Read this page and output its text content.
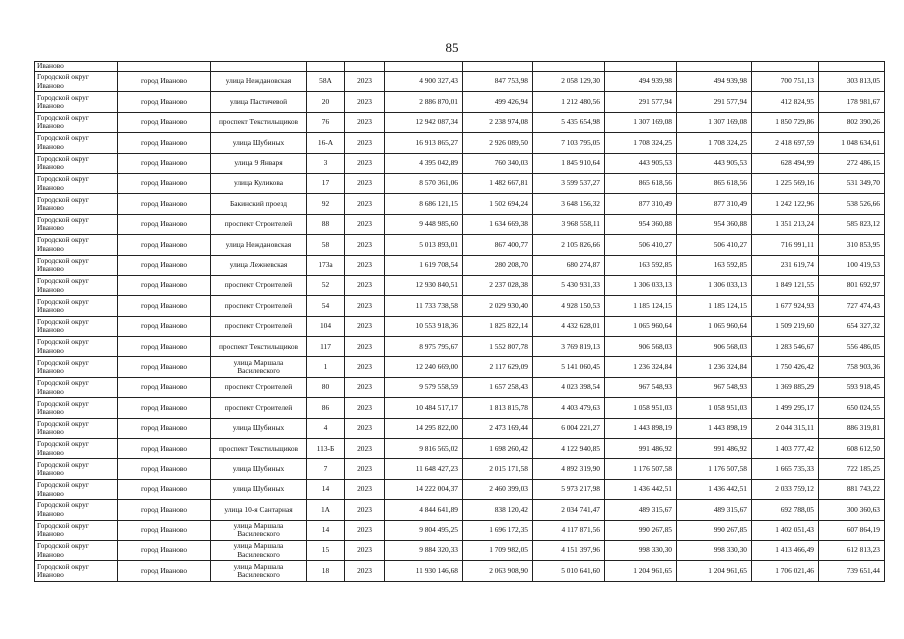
85
Иваново											
Городской округ Иваново	город Иваново	улица Неждановская	58А	2023	4 900 327,43	847 753,98	2 058 129,30	494 939,98	494 939,98	700 751,13	303 813,05
Городской округ Иваново	город Иваново	улица Пастичевой	20	2023	2 886 870,01	499 426,94	1 212 480,56	291 577,94	291 577,94	412 824,95	178 981,67
Городской округ Иваново	город Иваново	проспект Текстильщиков	76	2023	12 942 087,34	2 238 974,08	5 435 654,98	1 307 169,08	1 307 169,08	1 850 729,86	802 390,26
Городской округ Иваново	город Иваново	улица Шубиных	16-А	2023	16 913 865,27	2 926 089,50	7 103 795,05	1 708 324,25	1 708 324,25	2 418 697,59	1 048 634,61
Городской округ Иваново	город Иваново	улица 9 Января	3	2023	4 395 042,89	760 340,03	1 845 910,64	443 905,53	443 905,53	628 494,99	272 486,15
Городской округ Иваново	город Иваново	улица Куликова	17	2023	8 570 361,06	1 482 667,81	3 599 537,27	865 618,56	865 618,56	1 225 569,16	531 349,70
Городской округ Иваново	город Иваново	Бакинский проезд	92	2023	8 686 121,15	1 502 694,24	3 648 156,32	877 310,49	877 310,49	1 242 122,96	538 526,66
Городской округ Иваново	город Иваново	проспект Строителей	88	2023	9 448 985,60	1 634 669,38	3 968 558,11	954 360,88	954 360,88	1 351 213,24	585 823,12
Городской округ Иваново	город Иваново	улица Неждановская	58	2023	5 013 893,01	867 400,77	2 105 826,66	506 410,27	506 410,27	716 991,11	310 853,95
Городской округ Иваново	город Иваново	улица Лежневская	173а	2023	1 619 708,54	280 208,70	680 274,87	163 592,85	163 592,85	231 619,74	100 419,53
Городской округ Иваново	город Иваново	проспект Строителей	52	2023	12 930 840,51	2 237 028,38	5 430 931,33	1 306 033,13	1 306 033,13	1 849 121,55	801 692,97
Городской округ Иваново	город Иваново	проспект Строителей	54	2023	11 733 738,58	2 029 930,40	4 928 150,53	1 185 124,15	1 185 124,15	1 677 924,93	727 474,43
Городской округ Иваново	город Иваново	проспект Строителей	104	2023	10 553 918,36	1 825 822,14	4 432 628,01	1 065 960,64	1 065 960,64	1 509 219,60	654 327,32
Городской округ Иваново	город Иваново	проспект Текстильщиков	117	2023	8 975 795,67	1 552 807,78	3 769 819,13	906 568,03	906 568,03	1 283 546,67	556 486,05
Городской округ Иваново	город Иваново	улица Маршала Василевского	1	2023	12 240 669,00	2 117 629,09	5 141 060,45	1 236 324,84	1 236 324,84	1 750 426,42	758 903,36
Городской округ Иваново	город Иваново	проспект Строителей	80	2023	9 579 558,59	1 657 258,43	4 023 398,54	967 548,93	967 548,93	1 369 885,29	593 918,45
Городской округ Иваново	город Иваново	проспект Строителей	86	2023	10 484 517,17	1 813 815,78	4 403 479,63	1 058 951,03	1 058 951,03	1 499 295,17	650 024,55
Городской округ Иваново	город Иваново	улица Шубиных	4	2023	14 295 822,00	2 473 169,44	6 004 221,27	1 443 898,19	1 443 898,19	2 044 315,11	886 319,81
Городской округ Иваново	город Иваново	проспект Текстильщиков	113-Б	2023	9 816 565,02	1 698 260,42	4 122 940,85	991 486,92	991 486,92	1 403 777,42	608 612,50
Городской округ Иваново	город Иваново	улица Шубиных	7	2023	11 648 427,23	2 015 171,58	4 892 319,90	1 176 507,58	1 176 507,58	1 665 735,33	722 185,25
Городской округ Иваново	город Иваново	улица Шубиных	14	2023	14 222 004,37	2 460 399,03	5 973 217,98	1 436 442,51	1 436 442,51	2 033 759,12	881 743,22
Городской округ Иваново	город Иваново	улица 10-я Сантарная	1А	2023	4 844 641,89	838 120,42	2 034 741,47	489 315,67	489 315,67	692 788,05	300 360,63
Городской округ Иваново	город Иваново	улица Маршала Василевского	14	2023	9 804 495,25	1 696 172,35	4 117 871,56	990 267,85	990 267,85	1 402 051,43	607 864,19
Городской округ Иваново	город Иваново	улица Маршала Василевского	15	2023	9 884 320,33	1 709 982,05	4 151 397,96	998 330,30	998 330,30	1 413 466,49	612 813,23
Городской округ Иваново	город Иваново	улица Маршала Василевского	18	2023	11 930 146,68	2 063 908,90	5 010 641,60	1 204 961,65	1 204 961,65	1 706 021,46	739 651,44
